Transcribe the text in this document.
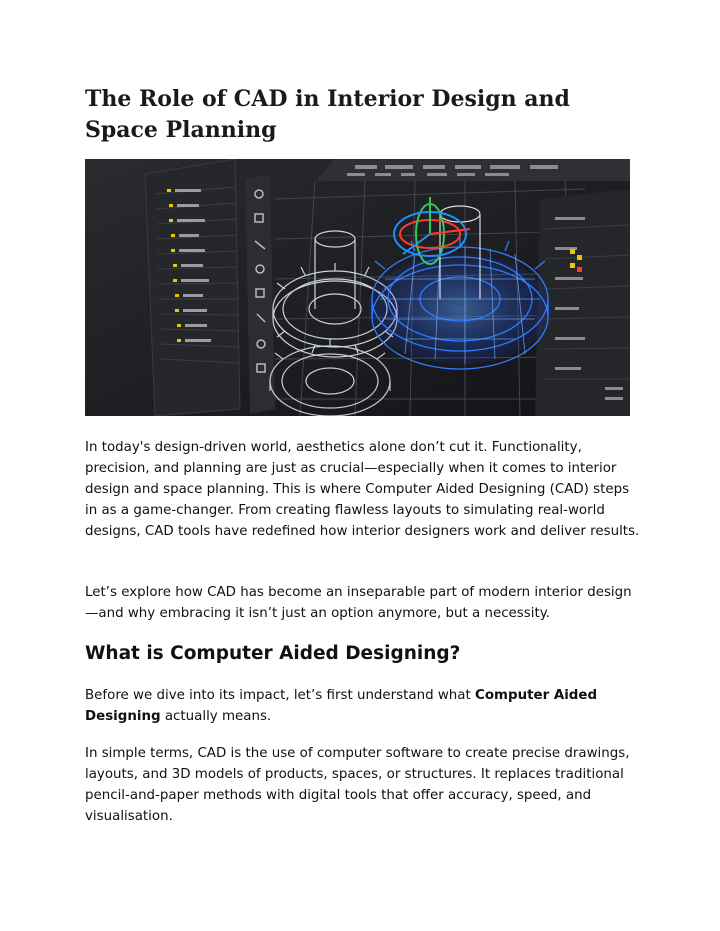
The Role of CAD in Interior Design and Space Planning

In today's design-driven world, aesthetics alone don’t cut it. Functionality, precision, and planning are just as crucial—especially when it comes to interior design and space planning. This is where Computer Aided Designing (CAD) steps in as a game-changer. From creating flawless layouts to simulating real-world designs, CAD tools have redefined how interior designers work and deliver results.

Let’s explore how CAD has become an inseparable part of modern interior design—and why embracing it isn’t just an option anymore, but a necessity.

What is Computer Aided Designing?

Before we dive into its impact, let’s first understand what Computer Aided Designing actually means.

In simple terms, CAD is the use of computer software to create precise drawings, layouts, and 3D models of products, spaces, or structures. It replaces traditional pencil-and-paper methods with digital tools that offer accuracy, speed, and visualisation.
